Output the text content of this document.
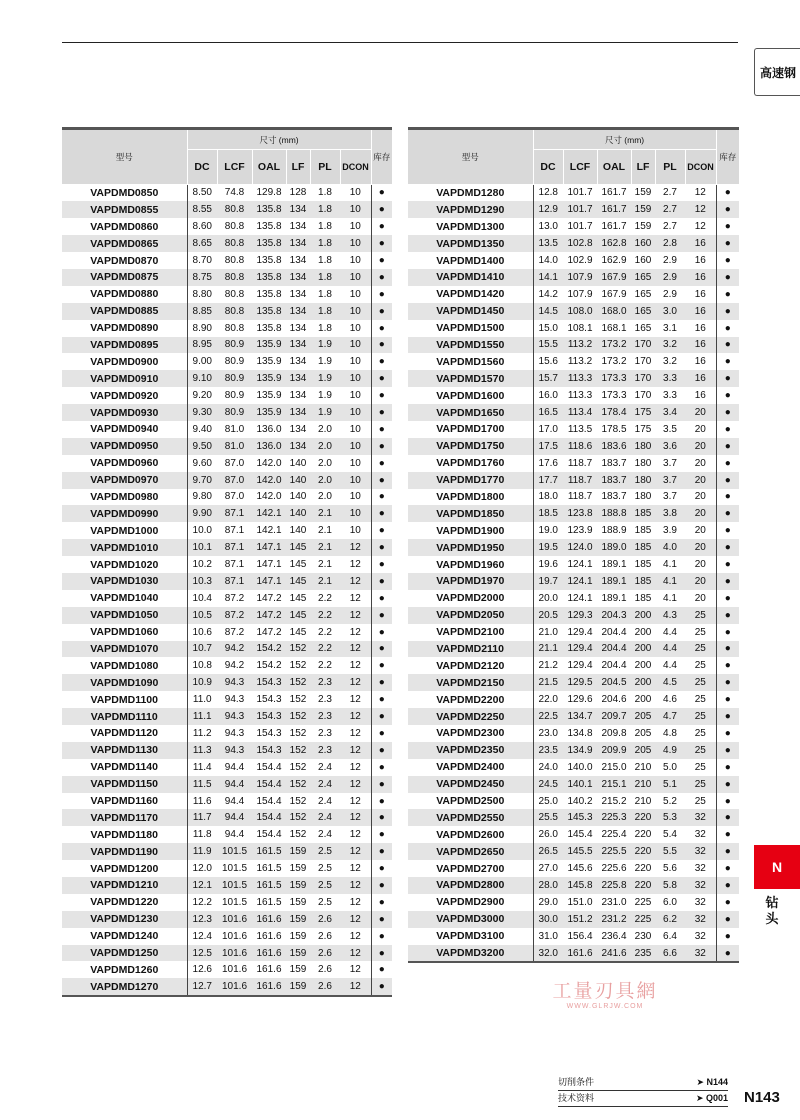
高速钢
型号	尺寸 (mm)						库存
	DC	LCF	OAL	LF	PL	DCON	
VAPDMD0850	8.50	74.8	129.8	128	1.8	10	●
VAPDMD0855	8.55	80.8	135.8	134	1.8	10	●
VAPDMD0860	8.60	80.8	135.8	134	1.8	10	●
VAPDMD0865	8.65	80.8	135.8	134	1.8	10	●
VAPDMD0870	8.70	80.8	135.8	134	1.8	10	●
VAPDMD0875	8.75	80.8	135.8	134	1.8	10	●
VAPDMD0880	8.80	80.8	135.8	134	1.8	10	●
VAPDMD0885	8.85	80.8	135.8	134	1.8	10	●
VAPDMD0890	8.90	80.8	135.8	134	1.8	10	●
VAPDMD0895	8.95	80.9	135.9	134	1.9	10	●
VAPDMD0900	9.00	80.9	135.9	134	1.9	10	●
VAPDMD0910	9.10	80.9	135.9	134	1.9	10	●
VAPDMD0920	9.20	80.9	135.9	134	1.9	10	●
VAPDMD0930	9.30	80.9	135.9	134	1.9	10	●
VAPDMD0940	9.40	81.0	136.0	134	2.0	10	●
VAPDMD0950	9.50	81.0	136.0	134	2.0	10	●
VAPDMD0960	9.60	87.0	142.0	140	2.0	10	●
VAPDMD0970	9.70	87.0	142.0	140	2.0	10	●
VAPDMD0980	9.80	87.0	142.0	140	2.0	10	●
VAPDMD0990	9.90	87.1	142.1	140	2.1	10	●
VAPDMD1000	10.0	87.1	142.1	140	2.1	10	●
VAPDMD1010	10.1	87.1	147.1	145	2.1	12	●
VAPDMD1020	10.2	87.1	147.1	145	2.1	12	●
VAPDMD1030	10.3	87.1	147.1	145	2.1	12	●
VAPDMD1040	10.4	87.2	147.2	145	2.2	12	●
VAPDMD1050	10.5	87.2	147.2	145	2.2	12	●
VAPDMD1060	10.6	87.2	147.2	145	2.2	12	●
VAPDMD1070	10.7	94.2	154.2	152	2.2	12	●
VAPDMD1080	10.8	94.2	154.2	152	2.2	12	●
VAPDMD1090	10.9	94.3	154.3	152	2.3	12	●
VAPDMD1100	11.0	94.3	154.3	152	2.3	12	●
VAPDMD1110	11.1	94.3	154.3	152	2.3	12	●
VAPDMD1120	11.2	94.3	154.3	152	2.3	12	●
VAPDMD1130	11.3	94.3	154.3	152	2.3	12	●
VAPDMD1140	11.4	94.4	154.4	152	2.4	12	●
VAPDMD1150	11.5	94.4	154.4	152	2.4	12	●
VAPDMD1160	11.6	94.4	154.4	152	2.4	12	●
VAPDMD1170	11.7	94.4	154.4	152	2.4	12	●
VAPDMD1180	11.8	94.4	154.4	152	2.4	12	●
VAPDMD1190	11.9	101.5	161.5	159	2.5	12	●
VAPDMD1200	12.0	101.5	161.5	159	2.5	12	●
VAPDMD1210	12.1	101.5	161.5	159	2.5	12	●
VAPDMD1220	12.2	101.5	161.5	159	2.5	12	●
VAPDMD1230	12.3	101.6	161.6	159	2.6	12	●
VAPDMD1240	12.4	101.6	161.6	159	2.6	12	●
VAPDMD1250	12.5	101.6	161.6	159	2.6	12	●
VAPDMD1260	12.6	101.6	161.6	159	2.6	12	●
VAPDMD1270	12.7	101.6	161.6	159	2.6	12	●
型号	尺寸 (mm)						库存
	DC	LCF	OAL	LF	PL	DCON	
VAPDMD1280	12.8	101.7	161.7	159	2.7	12	●
VAPDMD1290	12.9	101.7	161.7	159	2.7	12	●
VAPDMD1300	13.0	101.7	161.7	159	2.7	12	●
VAPDMD1350	13.5	102.8	162.8	160	2.8	16	●
VAPDMD1400	14.0	102.9	162.9	160	2.9	16	●
VAPDMD1410	14.1	107.9	167.9	165	2.9	16	●
VAPDMD1420	14.2	107.9	167.9	165	2.9	16	●
VAPDMD1450	14.5	108.0	168.0	165	3.0	16	●
VAPDMD1500	15.0	108.1	168.1	165	3.1	16	●
VAPDMD1550	15.5	113.2	173.2	170	3.2	16	●
VAPDMD1560	15.6	113.2	173.2	170	3.2	16	●
VAPDMD1570	15.7	113.3	173.3	170	3.3	16	●
VAPDMD1600	16.0	113.3	173.3	170	3.3	16	●
VAPDMD1650	16.5	113.4	178.4	175	3.4	20	●
VAPDMD1700	17.0	113.5	178.5	175	3.5	20	●
VAPDMD1750	17.5	118.6	183.6	180	3.6	20	●
VAPDMD1760	17.6	118.7	183.7	180	3.7	20	●
VAPDMD1770	17.7	118.7	183.7	180	3.7	20	●
VAPDMD1800	18.0	118.7	183.7	180	3.7	20	●
VAPDMD1850	18.5	123.8	188.8	185	3.8	20	●
VAPDMD1900	19.0	123.9	188.9	185	3.9	20	●
VAPDMD1950	19.5	124.0	189.0	185	4.0	20	●
VAPDMD1960	19.6	124.1	189.1	185	4.1	20	●
VAPDMD1970	19.7	124.1	189.1	185	4.1	20	●
VAPDMD2000	20.0	124.1	189.1	185	4.1	20	●
VAPDMD2050	20.5	129.3	204.3	200	4.3	25	●
VAPDMD2100	21.0	129.4	204.4	200	4.4	25	●
VAPDMD2110	21.1	129.4	204.4	200	4.4	25	●
VAPDMD2120	21.2	129.4	204.4	200	4.4	25	●
VAPDMD2150	21.5	129.5	204.5	200	4.5	25	●
VAPDMD2200	22.0	129.6	204.6	200	4.6	25	●
VAPDMD2250	22.5	134.7	209.7	205	4.7	25	●
VAPDMD2300	23.0	134.8	209.8	205	4.8	25	●
VAPDMD2350	23.5	134.9	209.9	205	4.9	25	●
VAPDMD2400	24.0	140.0	215.0	210	5.0	25	●
VAPDMD2450	24.5	140.1	215.1	210	5.1	25	●
VAPDMD2500	25.0	140.2	215.2	210	5.2	25	●
VAPDMD2550	25.5	145.3	225.3	220	5.3	32	●
VAPDMD2600	26.0	145.4	225.4	220	5.4	32	●
VAPDMD2650	26.5	145.5	225.5	220	5.5	32	●
VAPDMD2700	27.0	145.6	225.6	220	5.6	32	●
VAPDMD2800	28.0	145.8	225.8	220	5.8	32	●
VAPDMD2900	29.0	151.0	231.0	225	6.0	32	●
VAPDMD3000	30.0	151.2	231.2	225	6.2	32	●
VAPDMD3100	31.0	156.4	236.4	230	6.4	32	●
VAPDMD3200	32.0	161.6	241.6	235	6.6	32	●
工量刃具網
WWW.GLRJW.COM
N
钻头
切削条件	➤ N144
技术资料	➤ Q001 N143
